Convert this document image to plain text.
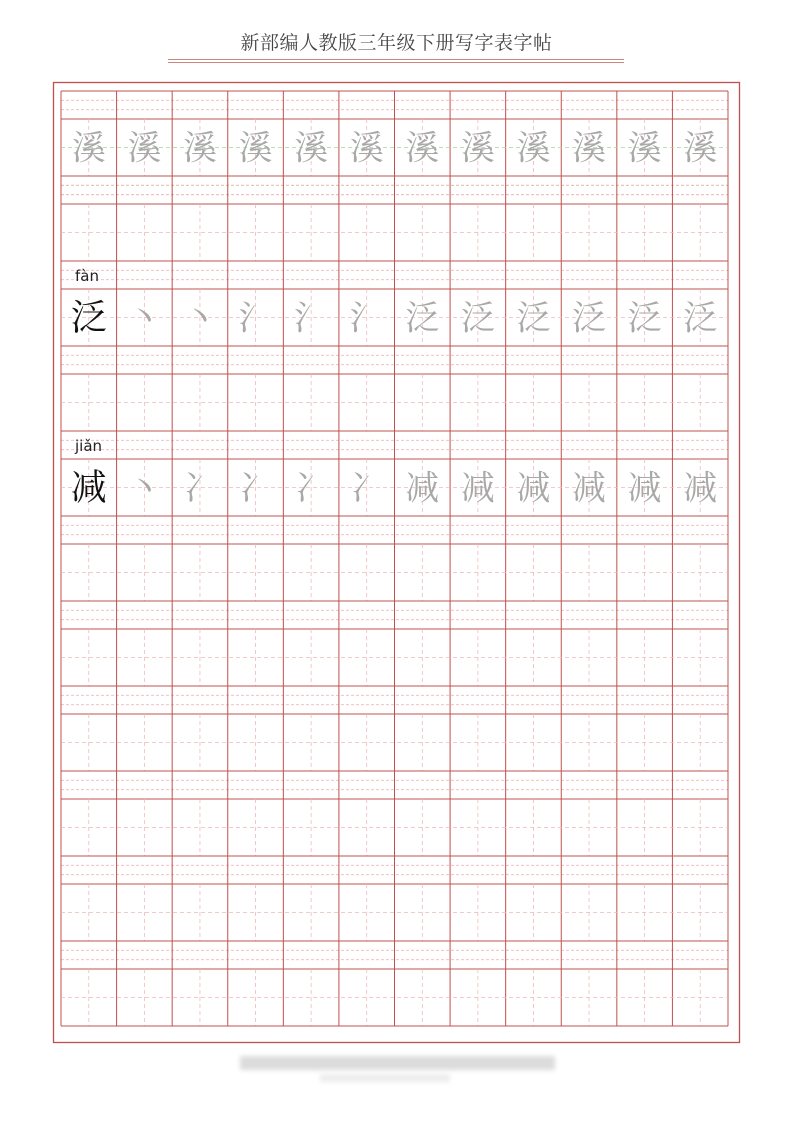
新部编人教版三年级下册写字表字帖
溪 溪 溪 溪 溪 溪 溪 溪 溪 溪 溪 溪
fàn
泛 丶 丶 氵 氵 氵 泛 泛 泛 泛 泛 泛
jiǎn
减 丶 冫 冫 冫 冫 减 减 减 减 减 减
